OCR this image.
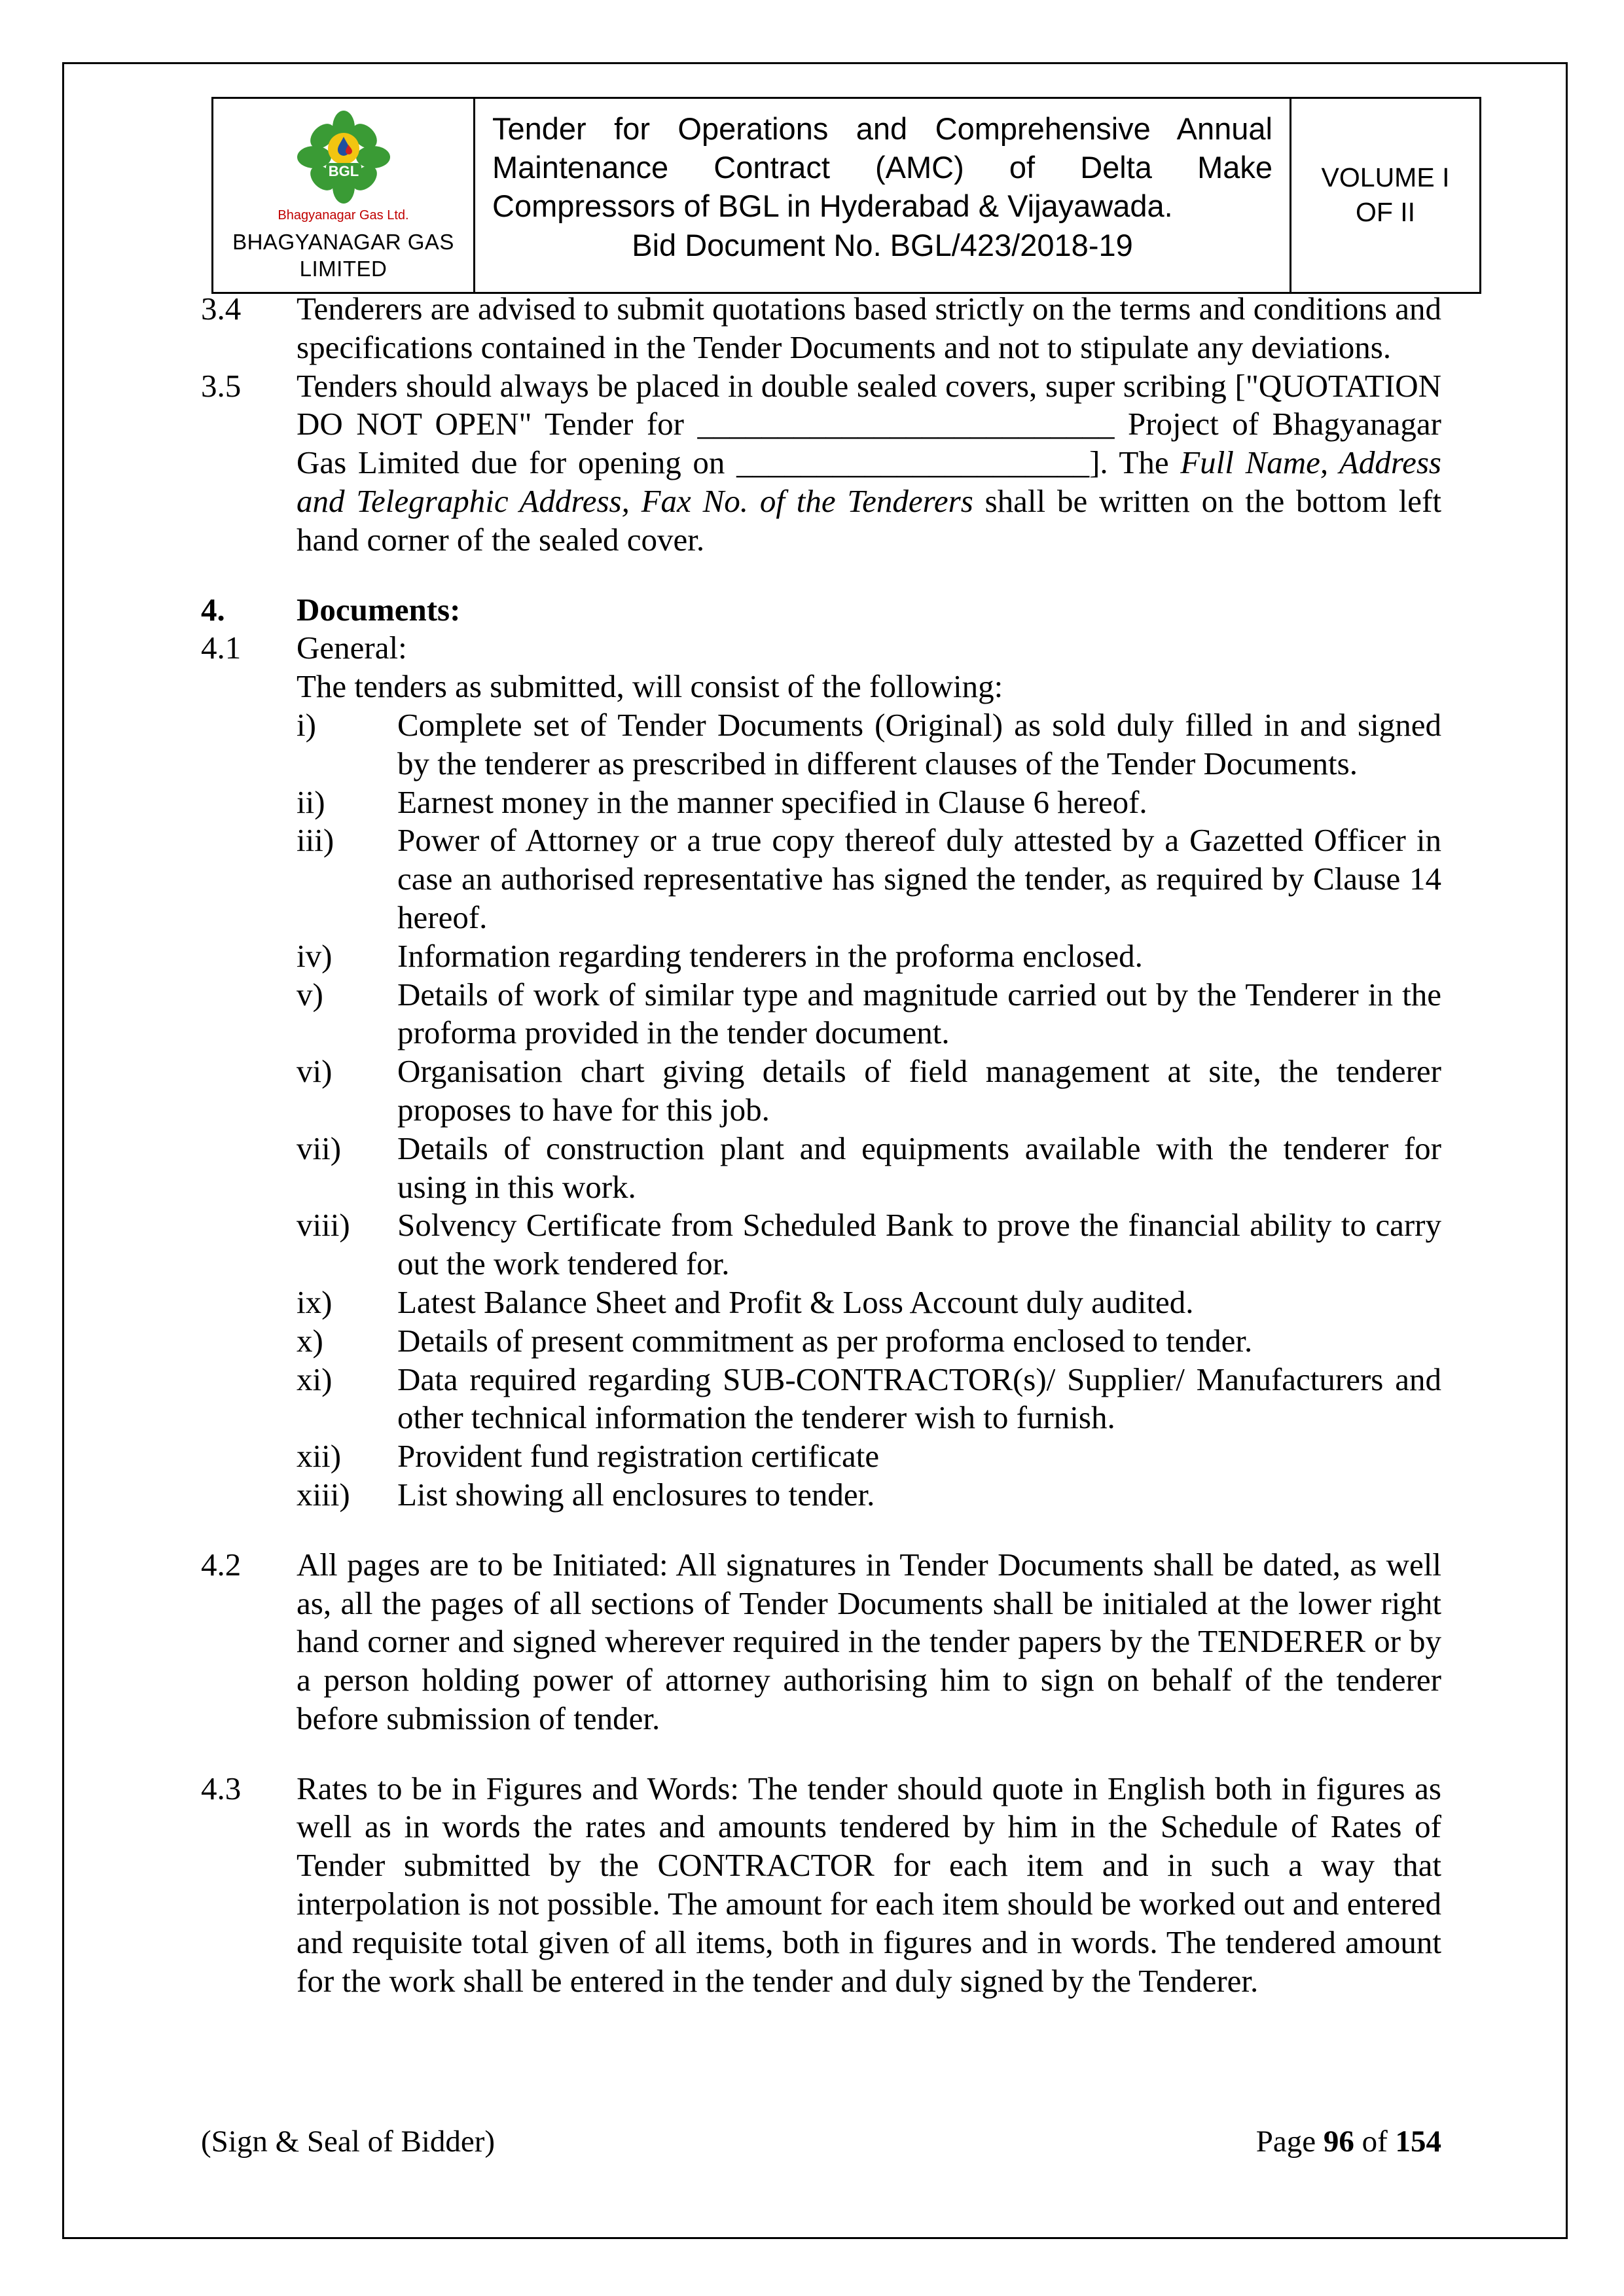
BGL
Bhagyanagar Gas Ltd.
BHAGYANAGAR GAS
LIMITED
Tender for Operations and Comprehensive Annual Maintenance Contract (AMC) of Delta Make Compressors of BGL in Hyderabad & Vijayawada.
Bid Document No. BGL/423/2018-19
VOLUME I
OF II
3.4	Tenderers are advised to submit quotations based strictly on the terms and conditions and specifications contained in the Tender Documents and not to stipulate any deviations.
3.5	Tenders should always be placed in double sealed covers, super scribing ["QUOTATION DO NOT OPEN" Tender for __________________________ Project of Bhagyanagar Gas Limited due for opening on ______________________]. The Full Name, Address and Telegraphic Address, Fax No. of the Tenderers shall be written on the bottom left hand corner of the sealed cover.
4.	Documents:
4.1	General:
The tenders as submitted, will consist of the following:
i)	Complete set of Tender Documents (Original) as sold duly filled in and signed by the tenderer as prescribed in different clauses of the Tender Documents.
ii)	Earnest money in the manner specified in Clause 6 hereof.
iii)	Power of Attorney or a true copy thereof duly attested by a Gazetted Officer in case an authorised representative has signed the tender, as required by Clause 14 hereof.
iv)	Information regarding tenderers in the proforma enclosed.
v)	Details of work of similar type and magnitude carried out by the Tenderer in the proforma provided in the tender document.
vi)	Organisation chart giving details of field management at site, the tenderer proposes to have for this job.
vii)	Details of construction plant and equipments available with the tenderer for using in this work.
viii)	Solvency Certificate from Scheduled Bank to prove the financial ability to carry out the work tendered for.
ix)	Latest Balance Sheet and Profit & Loss Account duly audited.
x)	Details of present commitment as per proforma enclosed to tender.
xi)	Data required regarding SUB-CONTRACTOR(s)/ Supplier/ Manufacturers and other technical information the tenderer wish to furnish.
xii)	Provident fund registration certificate
xiii)	List showing all enclosures to tender.
4.2	All pages are to be Initiated: All signatures in Tender Documents shall be dated, as well as, all the pages of all sections of Tender Documents shall be initialed at the lower right hand corner and signed wherever required in the tender papers by the TENDERER or by a person holding power of attorney authorising him to sign on behalf of the tenderer before submission of tender.
4.3	Rates to be in Figures and Words: The tender should quote in English both in figures as well as in words the rates and amounts tendered by him in the Schedule of Rates of Tender submitted by the CONTRACTOR for each item and in such a way that interpolation is not possible. The amount for each item should be worked out and entered and requisite total given of all items, both in figures and in words. The tendered amount for the work shall be entered in the tender and duly signed by the Tenderer.
(Sign & Seal of Bidder)	Page 96 of 154
